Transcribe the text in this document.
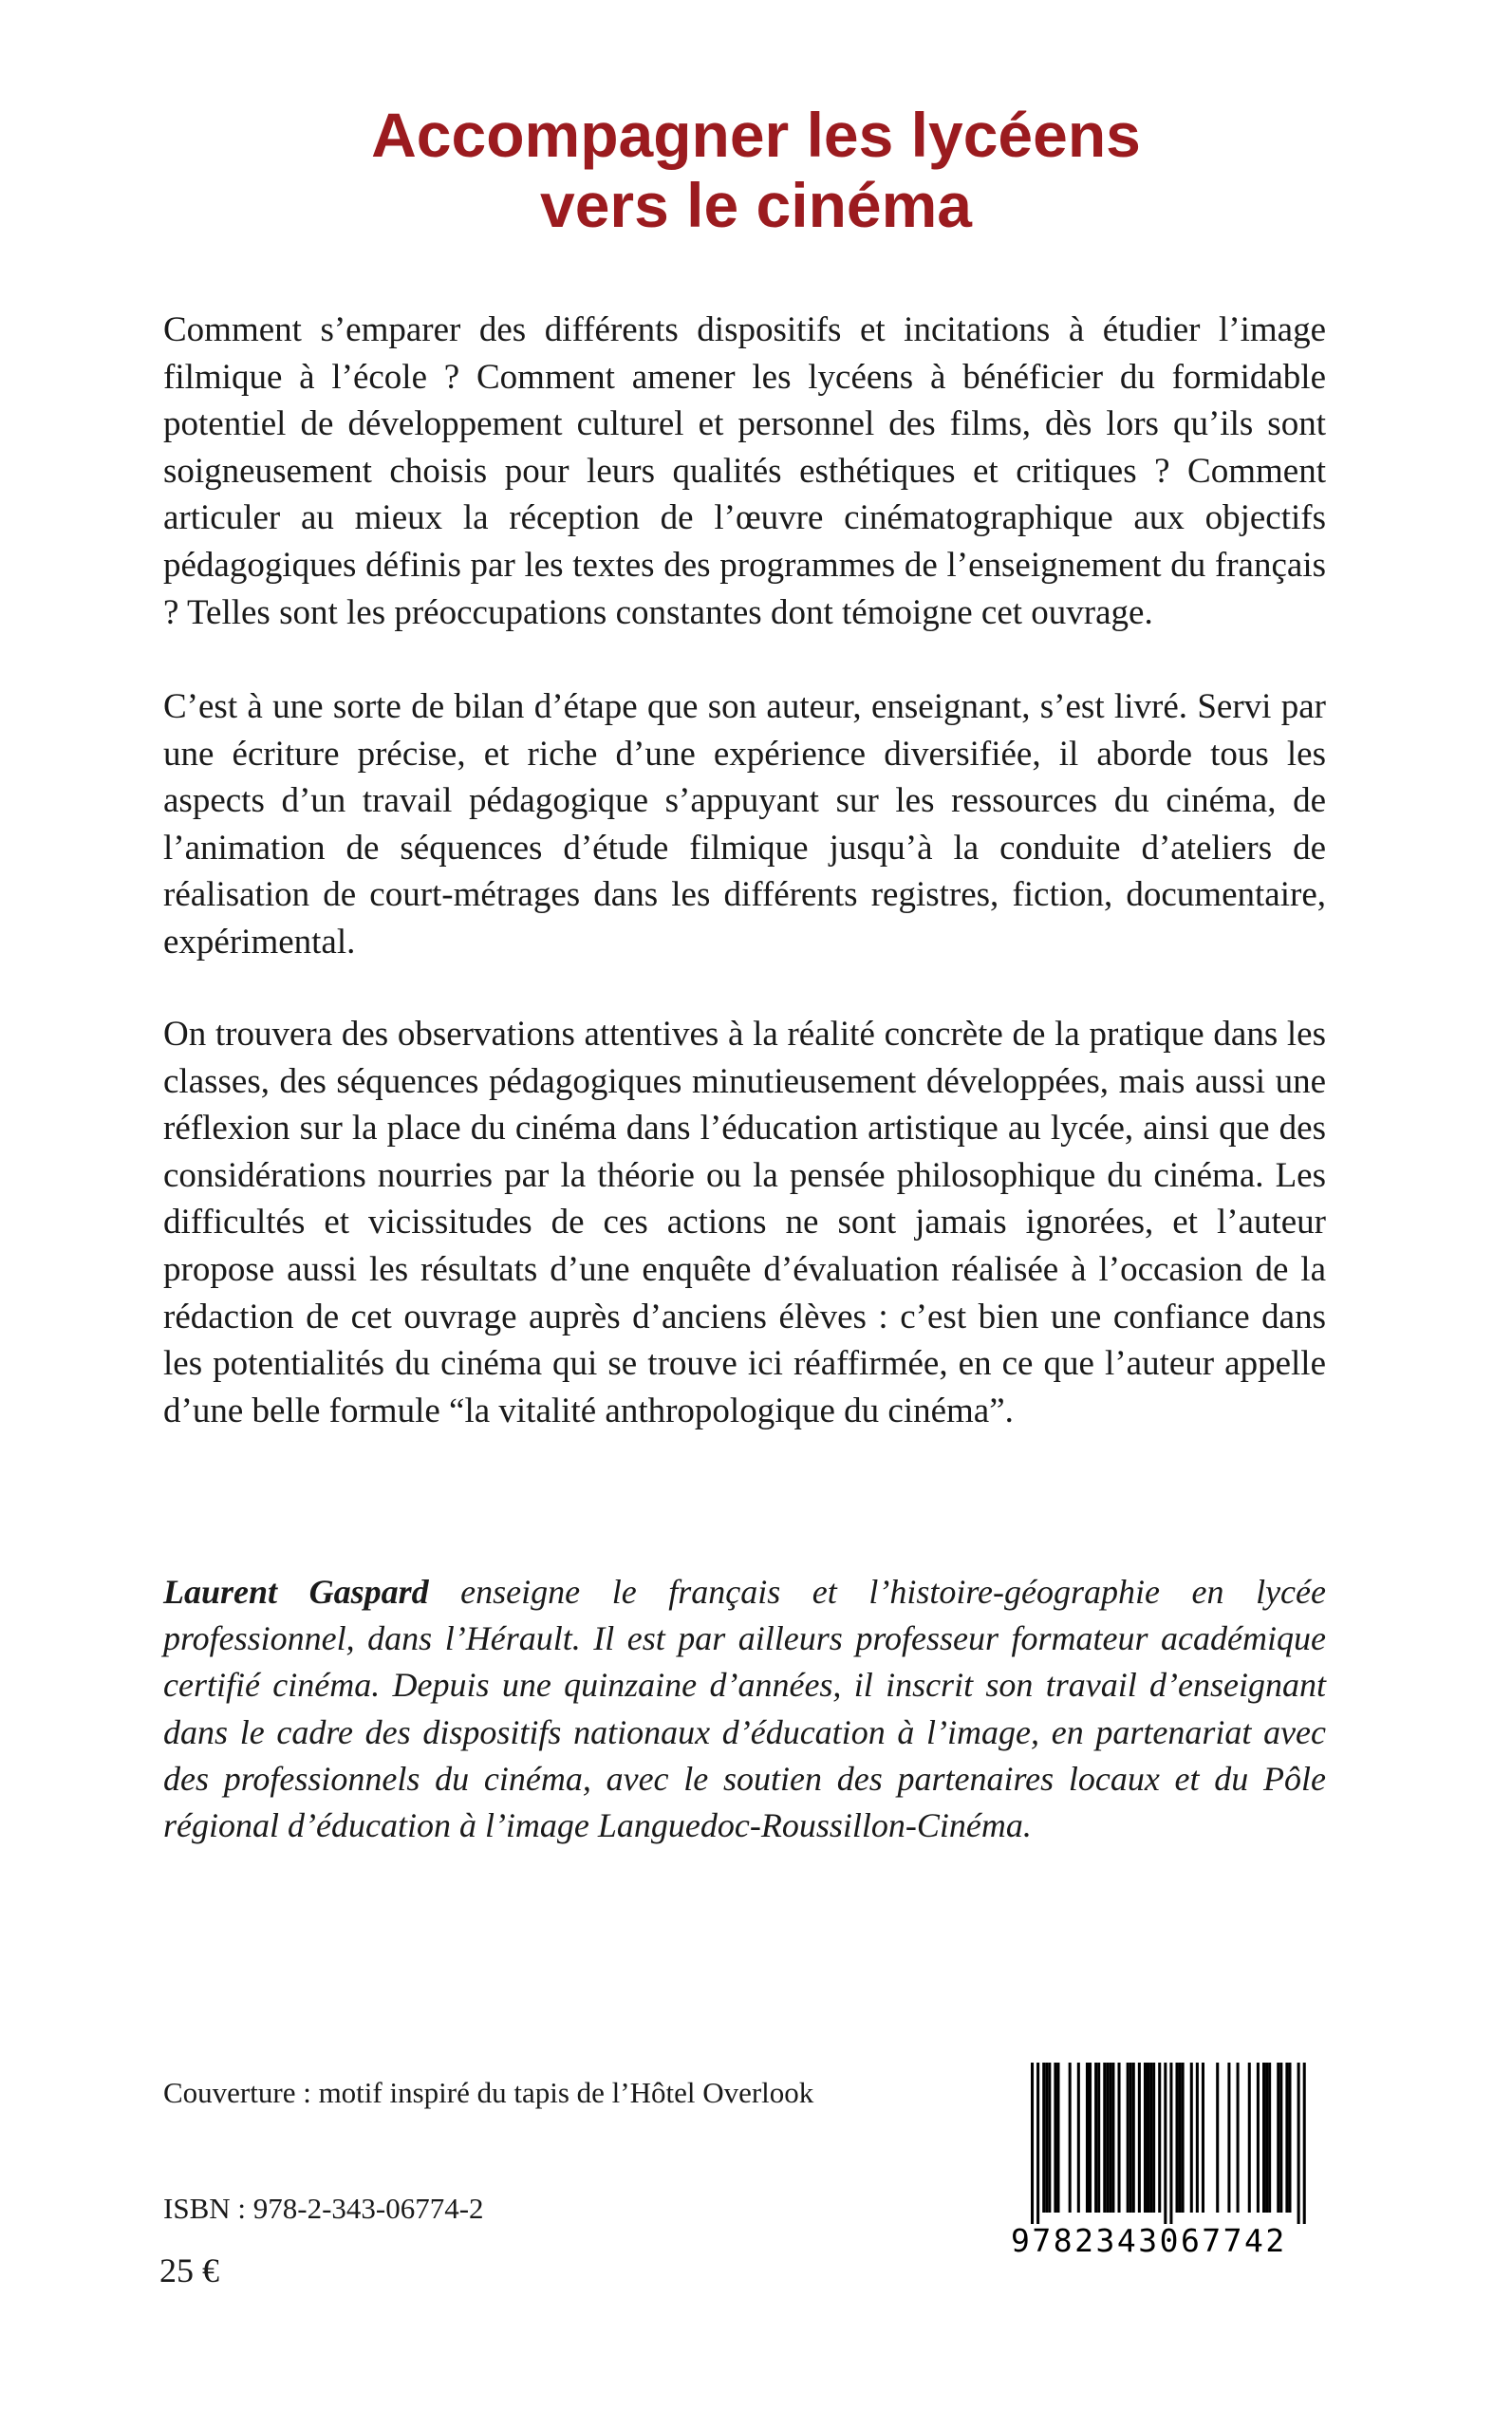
Accompagner les lycéens
vers le cinéma

Comment s’emparer des différents dispositifs et incitations à étudier l’image filmique à l’école ? Comment amener les lycéens à bénéficier du formidable potentiel de développement culturel et personnel des films, dès lors qu’ils sont soigneusement choisis pour leurs qualités esthétiques et critiques ? Comment articuler au mieux la réception de l’œuvre cinématographique aux objectifs pédagogiques définis par les textes des programmes de l’enseignement du français ? Telles sont les préoccupations constantes dont témoigne cet ouvrage.

C’est à une sorte de bilan d’étape que son auteur, enseignant, s’est livré. Servi par une écriture précise, et riche d’une expérience diversifiée, il aborde tous les aspects d’un travail pédagogique s’appuyant sur les ressources du cinéma, de l’animation de séquences d’étude filmique jusqu’à la conduite d’ateliers de réalisation de court-métrages dans les différents registres, fiction, documentaire, expérimental.

On trouvera des observations attentives à la réalité concrète de la pratique dans les classes, des séquences pédagogiques minutieusement développées, mais aussi une réflexion sur la place du cinéma dans l’éducation artistique au lycée, ainsi que des considérations nourries par la théorie ou la pensée philosophique du cinéma. Les difficultés et vicissitudes de ces actions ne sont jamais ignorées, et l’auteur propose aussi les résultats d’une enquête d’évaluation réalisée à l’occasion de la rédaction de cet ouvrage auprès d’anciens élèves : c’est bien une confiance dans les potentialités du cinéma qui se trouve ici réaffirmée, en ce que l’auteur appelle d’une belle formule “la vitalité anthropologique du cinéma”.

Laurent Gaspard enseigne le français et l’histoire-géographie en lycée professionnel, dans l’Hérault. Il est par ailleurs professeur formateur académique certifié cinéma. Depuis une quinzaine d’années, il inscrit son travail d’enseignant dans le cadre des dispositifs nationaux d’éducation à l’image, en partenariat avec des professionnels du cinéma, avec le soutien des partenaires locaux et du Pôle régional d’éducation à l’image Languedoc-Roussillon-Cinéma.

Couverture : motif inspiré du tapis de l’Hôtel Overlook

ISBN : 978-2-343-06774-2

25 €

9782343067742
